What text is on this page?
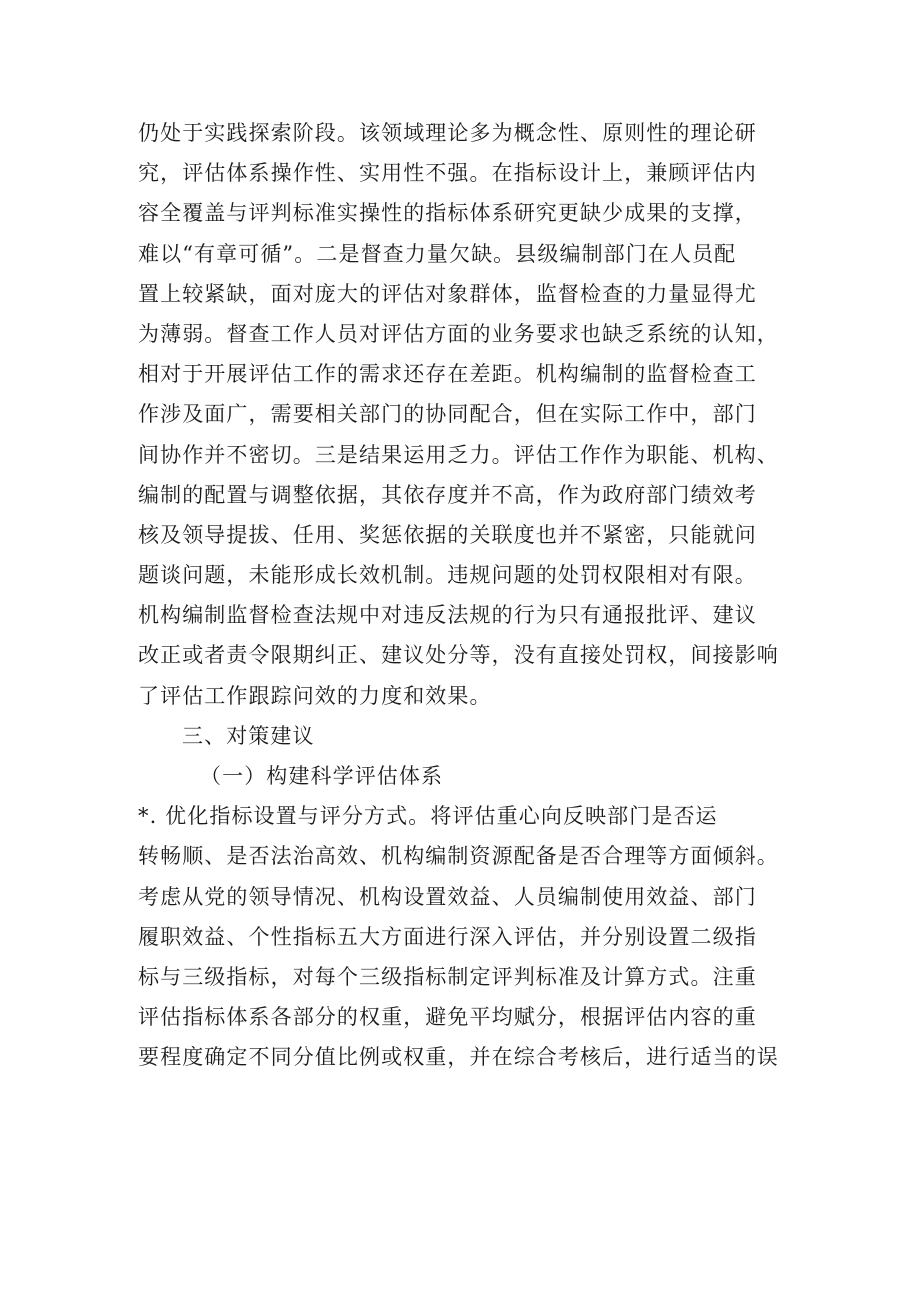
仍处于实践探索阶段。该领域理论多为概念性、原则性的理论研
究，评估体系操作性、实用性不强。在指标设计上，兼顾评估内
容全覆盖与评判标准实操性的指标体系研究更缺少成果的支撑，
难以“有章可循”。二是督查力量欠缺。县级编制部门在人员配
置上较紧缺，面对庞大的评估对象群体，监督检查的力量显得尤
为薄弱。督查工作人员对评估方面的业务要求也缺乏系统的认知，
相对于开展评估工作的需求还存在差距。机构编制的监督检查工
作涉及面广，需要相关部门的协同配合，但在实际工作中，部门
间协作并不密切。三是结果运用乏力。评估工作作为职能、机构、
编制的配置与调整依据，其依存度并不高，作为政府部门绩效考
核及领导提拔、任用、奖惩依据的关联度也并不紧密，只能就问
题谈问题，未能形成长效机制。违规问题的处罚权限相对有限。
机构编制监督检查法规中对违反法规的行为只有通报批评、建议
改正或者责令限期纠正、建议处分等，没有直接处罚权，间接影响
了评估工作跟踪问效的力度和效果。
三、对策建议
（一）构建科学评估体系
*. 优化指标设置与评分方式。将评估重心向反映部门是否运
转畅顺、是否法治高效、机构编制资源配备是否合理等方面倾斜。
考虑从党的领导情况、机构设置效益、人员编制使用效益、部门
履职效益、个性指标五大方面进行深入评估，并分别设置二级指
标与三级指标，对每个三级指标制定评判标准及计算方式。注重
评估指标体系各部分的权重，避免平均赋分，根据评估内容的重
要程度确定不同分值比例或权重，并在综合考核后，进行适当的误
